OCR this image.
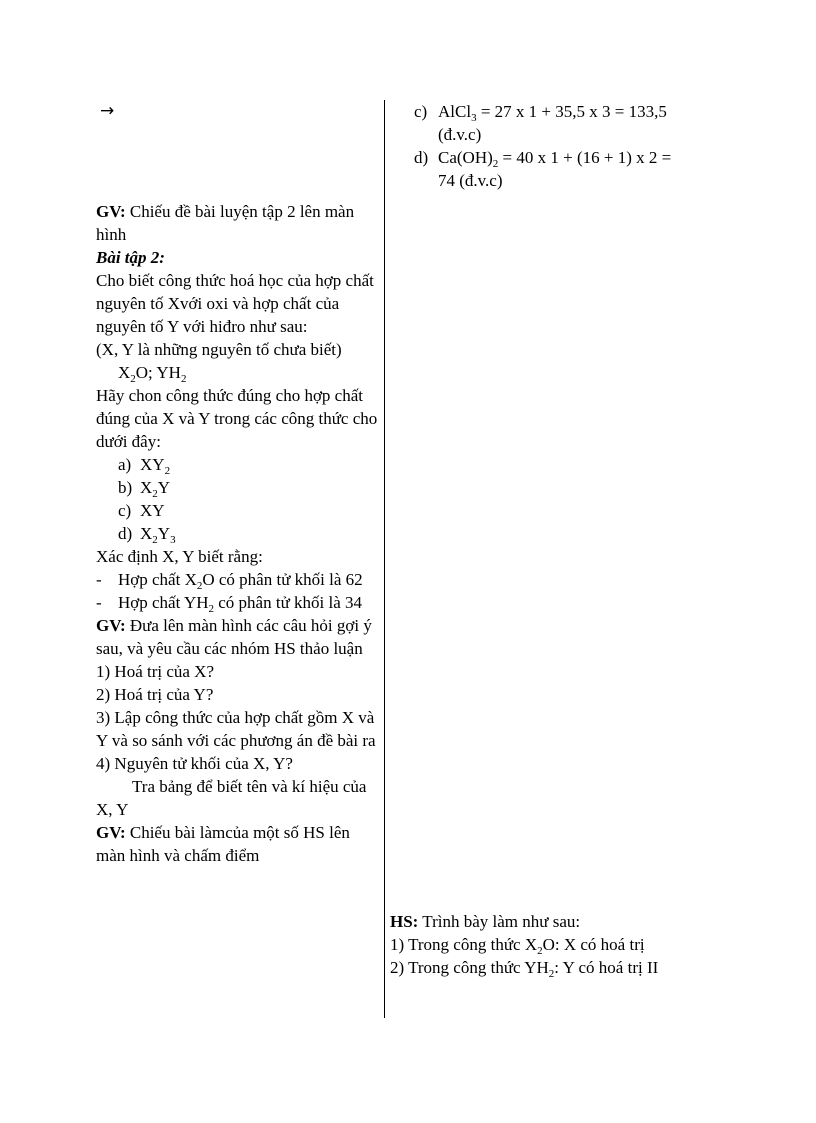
→

GV: Chiếu đề bài luyện tập 2 lên màn hình

Bài tập 2:

Cho biết công thức hoá học của hợp chất nguyên tố Xvới oxi và hợp chất của nguyên tố Y với hiđro như sau:

(X, Y là những nguyên tố chưa biết)

$X_2O$; $YH_2$

Hãy chon công thức đúng cho hợp chất đúng của X và Y trong các công thức cho dưới đây:

a) $XY_2$
b) $X_2Y$
c) XY
d) $X_2Y_3$

Xác định X, Y biết rằng:

- Hợp chất $X_2O$ có phân tử khối là 62
- Hợp chất $YH_2$ có phân tử khối là 34

GV: Đưa lên màn hình các câu hỏi gợi ý sau, và yêu cầu các nhóm HS thảo luận

1) Hoá trị của X?

2) Hoá trị của Y?

3) Lập công thức của hợp chất gồm X và Y và so sánh với các phương án đề bài ra

4) Nguyên tử khối của X, Y?

Tra bảng để biết tên và kí hiệu của X, Y

GV: Chiếu bài làmcủa một số HS lên màn hình và chấm điểm

c) AlCl$_3$ = 27 x 1 + 35,5 x 3 = 133,5 (đ.v.c)
d) $Ca(OH)_2 = 40$ x 1 + (16 + 1) x 2 = 74 (đ.v.c)

HS: Trình bày làm như sau:

1) Trong công thức $X_2O$: X có hoá trị

2) Trong công thức $YH_2$: Y có hoá trị II
